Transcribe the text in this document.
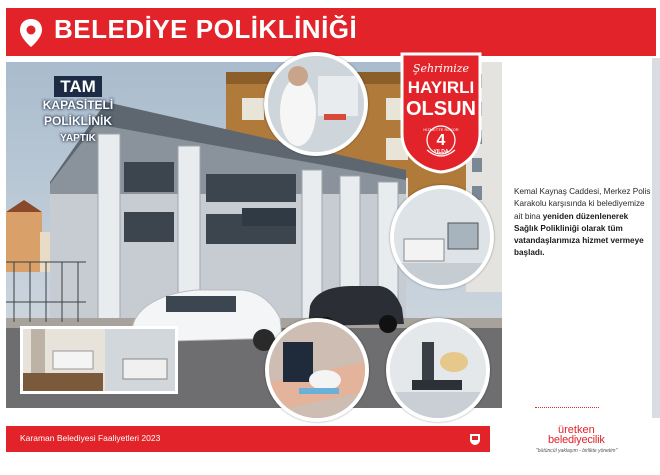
BELEDİYE POLİKLİNİĞİ
TAM
KAPASİTELİ
POLİKLİNİK
YAPTIK
Şehrimize
HAYIRLI
OLSUN
HİZMETTE REKOR
4
YILDA
Kemal Kaynaş Caddesi, Merkez Polis Karakolu karşısında ki belediyemize ait bina yeniden düzenlenerek Sağlık Polikliniği olarak tüm vatandaşlarımıza hizmet vermeye başladı.
Karaman Belediyesi Faaliyetleri 2023
üretken
belediyecilik
"bütüncül yaklaşım - birlikte yönetim"
